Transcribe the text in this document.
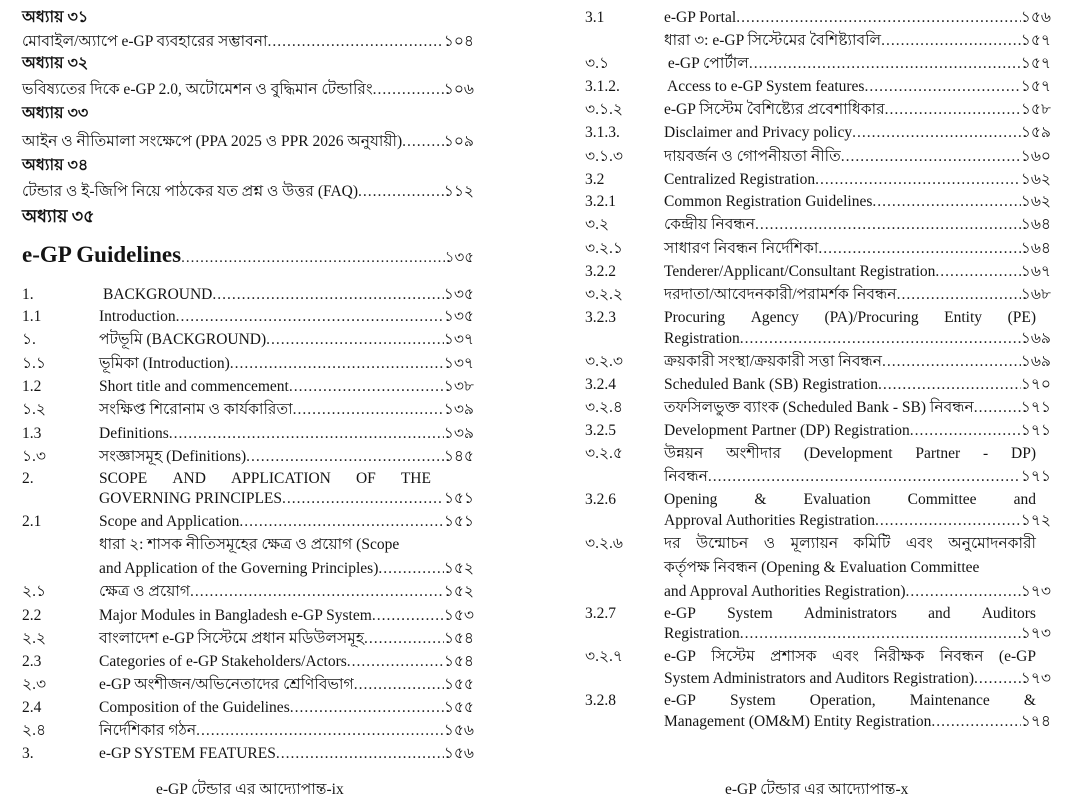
অধ্যায় ৩১
মোবাইল/অ্যাপে e-GP ব্যবহারের সম্ভাবনা .....	১০৪
অধ্যায় ৩২
ভবিষ্যতের দিকে e-GP 2.0, অটোমেশন ও বুদ্ধিমান টেন্ডারিং .....	১০৬
অধ্যায় ৩৩
আইন ও নীতিমালা সংক্ষেপে (PPA 2025 ও PPR 2026 অনুযায়ী) .....	১০৯
অধ্যায় ৩৪
টেন্ডার ও ই-জিপি নিয়ে পাঠকের যত প্রশ্ন ও উত্তর (FAQ) .....	১১২
অধ্যায় ৩৫
e-GP Guidelines .....	১৩৫
1.	BACKGROUND .....	১৩৫
1.1	Introduction .....	১৩৫
১.	পটভূমি (BACKGROUND) .....	১৩৭
১.১	ভূমিকা (Introduction) .....	১৩৭
1.2	Short title and commencement .....	১৩৮
১.২	সংক্ষিপ্ত শিরোনাম ও কার্যকারিতা .....	১৩৯
1.3	Definitions .....	১৩৯
১.৩	সংজ্ঞাসমূহ (Definitions) .....	১৪৫
2.	SCOPE AND APPLICATION OF THE
GOVERNING PRINCIPLES .....	১৫১
2.1	Scope and Application .....	১৫১
ধারা ২: শাসক নীতিসমূহের ক্ষেত্র ও প্রয়োগ (Scope
and Application of the Governing Principles) .....	১৫২
২.১	ক্ষেত্র ও প্রয়োগ .....	১৫২
2.2	Major Modules in Bangladesh e-GP System .....	১৫৩
২.২	বাংলাদেশ e-GP সিস্টেমে প্রধান মডিউলসমূহ .....	১৫৪
2.3	Categories of e-GP Stakeholders/Actors .....	১৫৪
২.৩	e-GP অংশীজন/অভিনেতাদের শ্রেণিবিভাগ .....	১৫৫
2.4	Composition of the Guidelines .....	১৫৫
২.৪	নির্দেশিকার গঠন .....	১৫৬
3.	e-GP SYSTEM FEATURES .....	১৫৬
e-GP টেন্ডার এর আদ্যোপান্ত-ix
3.1	e-GP Portal .....	১৫৬
ধারা ৩: e-GP সিস্টেমের বৈশিষ্ট্যাবলি .....	১৫৭
৩.১	e-GP পোর্টাল .....	১৫৭
3.1.2.	Access to e-GP System features .....	১৫৭
৩.১.২	e-GP সিস্টেম বৈশিষ্ট্যের প্রবেশাধিকার .....	১৫৮
3.1.3.	Disclaimer and Privacy policy .....	১৫৯
৩.১.৩	দায়বর্জন ও গোপনীয়তা নীতি .....	১৬০
3.2	Centralized Registration .....	১৬২
3.2.1	Common Registration Guidelines .....	১৬২
৩.২	কেন্দ্রীয় নিবন্ধন .....	১৬৪
৩.২.১	সাধারণ নিবন্ধন নির্দেশিকা .....	১৬৪
3.2.2	Tenderer/Applicant/Consultant Registration .....	১৬৭
৩.২.২	দরদাতা/আবেদনকারী/পরামর্শক নিবন্ধন .....	১৬৮
3.2.3	Procuring Agency (PA)/Procuring Entity (PE)
Registration .....	১৬৯
৩.২.৩	ক্রয়কারী সংস্থা/ক্রয়কারী সত্তা নিবন্ধন .....	১৬৯
3.2.4	Scheduled Bank (SB) Registration .....	১৭০
৩.২.৪	তফসিলভুক্ত ব্যাংক (Scheduled Bank - SB) নিবন্ধন .....	১৭১
3.2.5	Development Partner (DP) Registration .....	১৭১
৩.২.৫	উন্নয়ন অংশীদার (Development Partner - DP)
নিবন্ধন .....	১৭১
3.2.6	Opening & Evaluation Committee and
Approval Authorities Registration .....	১৭২
৩.২.৬	দর উন্মোচন ও মূল্যায়ন কমিটি এবং অনুমোদনকারী
কর্তৃপক্ষ নিবন্ধন (Opening & Evaluation Committee
and Approval Authorities Registration) .....	১৭৩
3.2.7	e-GP System Administrators and Auditors
Registration .....	১৭৩
৩.২.৭	e-GP সিস্টেম প্রশাসক এবং নিরীক্ষক নিবন্ধন (e-GP
System Administrators and Auditors Registration) .....	১৭৩
3.2.8	e-GP System Operation, Maintenance &
Management (OM&M) Entity Registration .....	১৭৪
e-GP টেন্ডার এর আদ্যোপান্ত-x
